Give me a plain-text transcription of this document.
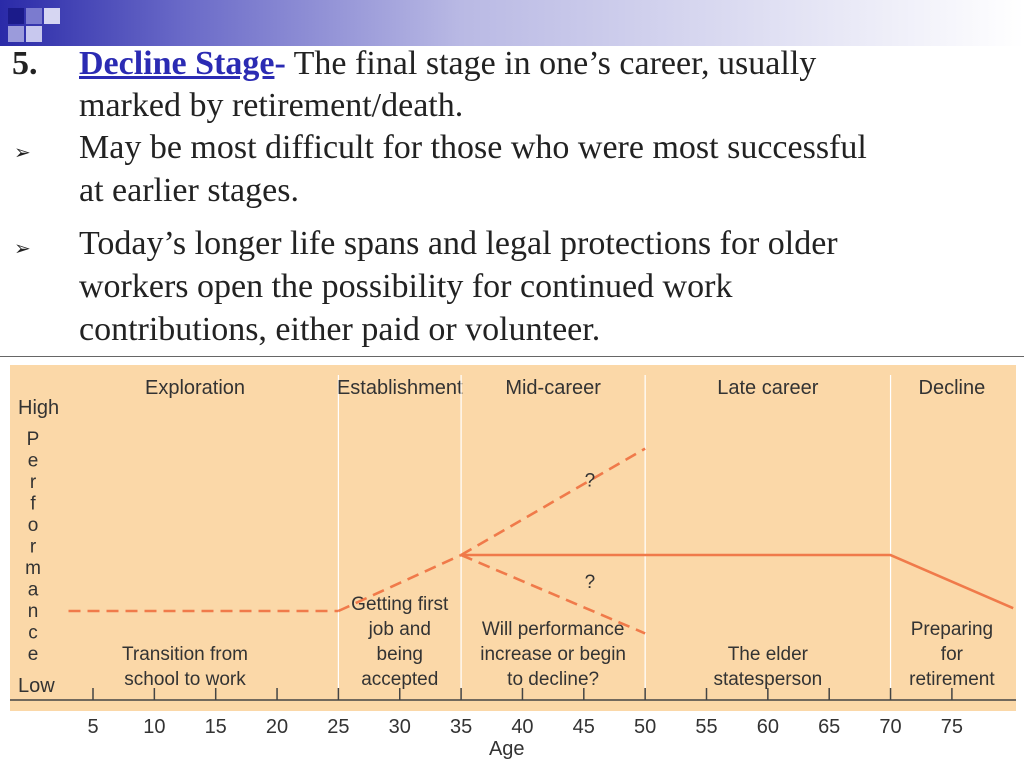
5. Decline Stage- The final stage in one’s career, usually
marked by retirement/death.
➢ May be most difficult for those who were most successful
at earlier stages.
➢ Today’s longer life spans and legal protections for older
workers open the possibility for continued work
contributions, either paid or volunteer.
Exploration
Transition from
school to work
Establishment
Getting first
job and
being
accepted
Mid-career
Will performance
increase or begin
to decline?
Late career
The elder
statesperson
Decline
Preparing
for
retirement
High
Low
P
e
r
f
o
r
m
a
n
c
e
5 10 15 20 25 30 35 40 45 50 55 60 65 70 75
Age
?
?
